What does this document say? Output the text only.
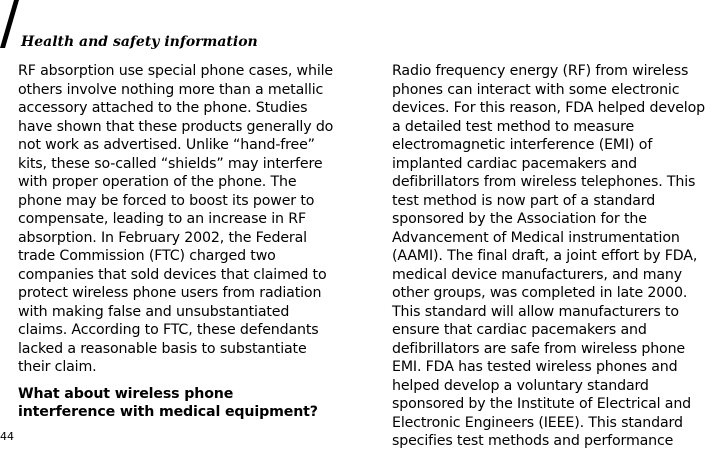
Health and safety information

RF absorption use special phone cases, while
others involve nothing more than a metallic
accessory attached to the phone. Studies
have shown that these products generally do
not work as advertised. Unlike “hand-free”
kits, these so-called “shields” may interfere
with proper operation of the phone. The
phone may be forced to boost its power to
compensate, leading to an increase in RF
absorption. In February 2002, the Federal
trade Commission (FTC) charged two
companies that sold devices that claimed to
protect wireless phone users from radiation
with making false and unsubstantiated
claims. According to FTC, these defendants
lacked a reasonable basis to substantiate
their claim.

What about wireless phone
interference with medical equipment?

Radio frequency energy (RF) from wireless
phones can interact with some electronic
devices. For this reason, FDA helped develop
a detailed test method to measure
electromagnetic interference (EMI) of
implanted cardiac pacemakers and
defibrillators from wireless telephones. This
test method is now part of a standard
sponsored by the Association for the
Advancement of Medical instrumentation
(AAMI). The final draft, a joint effort by FDA,
medical device manufacturers, and many
other groups, was completed in late 2000.
This standard will allow manufacturers to
ensure that cardiac pacemakers and
defibrillators are safe from wireless phone
EMI. FDA has tested wireless phones and
helped develop a voluntary standard
sponsored by the Institute of Electrical and
Electronic Engineers (IEEE). This standard
specifies test methods and performance

44
